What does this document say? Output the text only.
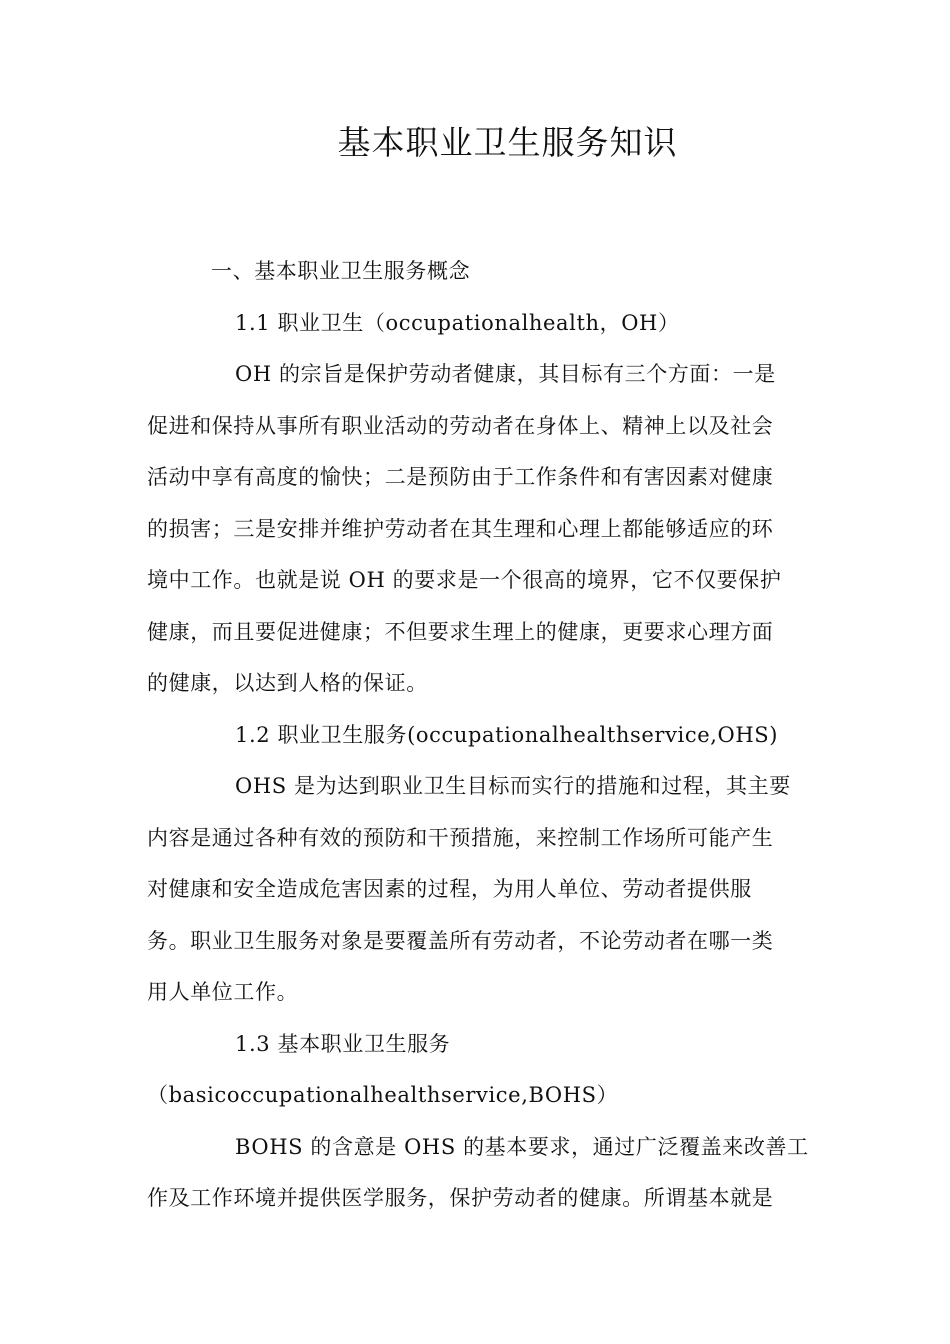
基本职业卫生服务知识

一、基本职业卫生服务概念

1.1 职业卫生（occupationalhealth，OH）

OH 的宗旨是保护劳动者健康，其目标有三个方面：一是

促进和保持从事所有职业活动的劳动者在身体上、精神上以及社会

活动中享有高度的愉快；二是预防由于工作条件和有害因素对健康

的损害；三是安排并维护劳动者在其生理和心理上都能够适应的环

境中工作。也就是说 OH 的要求是一个很高的境界，它不仅要保护

健康，而且要促进健康；不但要求生理上的健康，更要求心理方面

的健康，以达到人格的保证。

1.2 职业卫生服务(occupationalhealthservice,OHS)

OHS 是为达到职业卫生目标而实行的措施和过程，其主要

内容是通过各种有效的预防和干预措施，来控制工作场所可能产生

对健康和安全造成危害因素的过程，为用人单位、劳动者提供服

务。职业卫生服务对象是要覆盖所有劳动者，不论劳动者在哪一类

用人单位工作。

1.3 基本职业卫生服务

（basicoccupationalhealthservice,BOHS）

BOHS 的含意是 OHS 的基本要求，通过广泛覆盖来改善工

作及工作环境并提供医学服务，保护劳动者的健康。所谓基本就是
